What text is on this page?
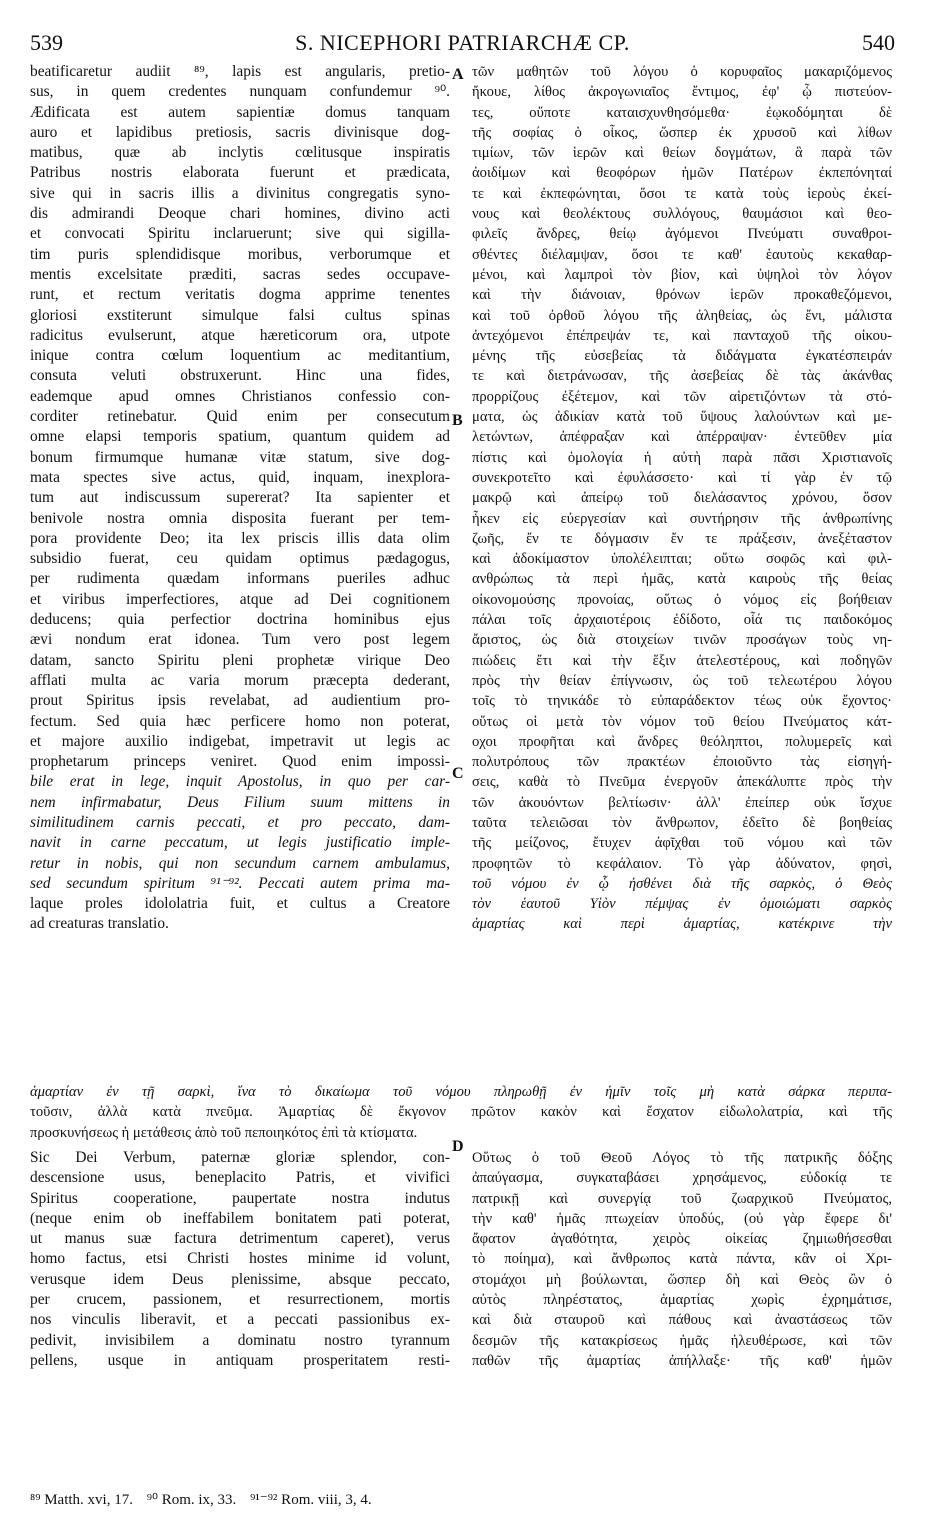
539	S. NICEPHORI PATRIARCHÆ CP.	540
beatificaretur audiit ⁸⁹, lapis est angularis, pretio-
sus, in quem credentes nunquam confundemur ⁹⁰.
Ædificata est autem sapientiæ domus tanquam
auro et lapidibus pretiosis, sacris divinisque dog-
matibus, quæ ab inclytis cœlitusque inspiratis
Patribus nostris elaborata fuerunt et prædicata,
sive qui in sacris illis a divinitus congregatis syno-
dis admirandi Deoque chari homines, divino acti
et convocati Spiritu inclaruerunt; sive qui sigilla-
tim puris splendidisque moribus, verborumque et
mentis excelsitate præditi, sacras sedes occupave-
runt, et rectum veritatis dogma apprime tenentes
gloriosi exstiterunt simulque falsi cultus spinas
radicitus evulserunt, atque hæreticorum ora, utpote
inique contra cœlum loquentium ac meditantium,
consuta veluti obstruxerunt. Hinc una fides,
eademque apud omnes Christianos confessio con-
corditer retinebatur. Quid enim per consecutum
omne elapsi temporis spatium, quantum quidem ad
bonum firmumque humanæ vitæ statum, sive dog-
mata spectes sive actus, quid, inquam, inexplora-
tum aut indiscussum supererat? Ita sapienter et
benivole nostra omnia disposita fuerant per tem-
pora providente Deo; ita lex priscis illis data olim
subsidio fuerat, ceu quidam optimus pædagogus,
per rudimenta quædam informans pueriles adhuc
et viribus imperfectiores, atque ad Dei cognitionem
deducens; quia perfectior doctrina hominibus ejus
ævi nondum erat idonea. Tum vero post legem
datam, sancto Spiritu pleni prophetæ virique Deo
afflati multa ac varia morum præcepta dederant,
prout Spiritus ipsis revelabat, ad audientium pro-
fectum. Sed quia hæc perficere homo non poterat,
et majore auxilio indigebat, impetravit ut legis ac
prophetarum princeps veniret. Quod enim impossi-
bile erat in lege, inquit Apostolus, in quo per car-
nem infirmabatur, Deus Filium suum mittens in
similitudinem carnis peccati, et pro peccato, dam-
navit in carne peccatum, ut legis justificatio imple-
retur in nobis, qui non secundum carnem ambulamus,
sed secundum spiritum ⁹¹⁻⁹². Peccati autem prima ma-
laque proles idololatria fuit, et cultus a Creatore
ad creaturas translatio.
τῶν μαθητῶν τοῦ λόγου ὁ κορυφαῖος μακαριζόμενος
ἤκουε, λίθος ἀκρογωνιαῖος ἔντιμος, ἐφ' ᾧ πιστεύον-
τες, οὔποτε καταισχυνθησόμεθα· ἐῳκοδόμηται δὲ
τῆς σοφίας ὁ οἶκος, ὥσπερ ἐκ χρυσοῦ καὶ λίθων
τιμίων, τῶν ἱερῶν καὶ θείων δογμάτων, ἃ παρὰ τῶν
ἀοιδίμων καὶ θεοφόρων ἡμῶν Πατέρων ἐκπεπόνηταί
τε καὶ ἐκπεφώνηται, ὅσοι τε κατὰ τοὺς ἱεροὺς ἐκεί-
νους καὶ θεολέκτους συλλόγους, θαυμάσιοι καὶ θεο-
φιλεῖς ἄνδρες, θείῳ ἀγόμενοι Πνεύματι συναθροι-
σθέντες διέλαμψαν, ὅσοι τε καθ' ἑαυτοὺς κεκαθαρ-
μένοι, καὶ λαμπροὶ τὸν βίον, καὶ ὑψηλοὶ τὸν λόγον
καὶ τὴν διάνοιαν, θρόνων ἱερῶν προκαθεζόμενοι,
καὶ τοῦ ὀρθοῦ λόγου τῆς ἀληθείας, ὡς ἔνι, μάλιστα
ἀντεχόμενοι ἐπέπρεψάν τε, καὶ πανταχοῦ τῆς οἰκου-
μένης τῆς εὐσεβείας τὰ διδάγματα ἐγκατέσπειράν
τε καὶ διετράνωσαν, τῆς ἀσεβείας δὲ τὰς ἀκάνθας
προρρίζους ἐξέτεμον, καὶ τῶν αἱρετιζόντων τὰ στό-
ματα, ὡς ἀδικίαν κατὰ τοῦ ὕψους λαλούντων καὶ με-
λετώντων, ἀπέφραξαν καὶ ἀπέρραψαν· ἐντεῦθεν μία
πίστις καὶ ὁμολογία ἡ αὐτὴ παρὰ πᾶσι Χριστιανοῖς
συνεκροτεῖτο καὶ ἐφυλάσσετο· καὶ τί γὰρ ἐν τῷ
μακρῷ καὶ ἀπείρῳ τοῦ διελάσαντος χρόνου, ὅσον
ἧκεν εἰς εὐεργεσίαν καὶ συντήρησιν τῆς ἀνθρωπίνης
ζωῆς, ἔν τε δόγμασιν ἔν τε πράξεσιν, ἀνεξέταστον
καὶ ἀδοκίμαστον ὑπολέλειπται; οὕτω σοφῶς καὶ φιλ-
ανθρώπως τὰ περὶ ἡμᾶς, κατὰ καιροὺς τῆς θείας
οἰκονομούσης προνοίας, οὕτως ὁ νόμος εἰς βοήθειαν
πάλαι τοῖς ἀρχαιοτέροις ἐδίδοτο, οἷά τις παιδοκόμος
ἄριστος, ὡς διὰ στοιχείων τινῶν προσάγων τοὺς νη-
πιώδεις ἔτι καὶ τὴν ἕξιν ἀτελεστέρους, καὶ ποδηγῶν
πρὸς τὴν θείαν ἐπίγνωσιν, ὡς τοῦ τελεωτέρου λόγου
τοῖς τὸ τηνικάδε τὸ εὐπαράδεκτον τέως οὐκ ἔχοντος·
οὕτως οἱ μετὰ τὸν νόμον τοῦ θείου Πνεύματος κάτ-
οχοι προφῆται καὶ ἄνδρες θεόληπτοι, πολυμερεῖς καὶ
πολυτρόπους τῶν πρακτέων ἐποιοῦντο τὰς εἰσηγή-
σεις, καθὰ τὸ Πνεῦμα ἐνεργοῦν ἀπεκάλυπτε πρὸς τὴν
τῶν ἀκουόντων βελτίωσιν· ἀλλ' ἐπείπερ οὐκ ἴσχυε
ταῦτα τελειῶσαι τὸν ἄνθρωπον, ἐδεῖτο δὲ βοηθείας
τῆς μείζονος, ἔτυχεν ἀφῖχθαι τοῦ νόμου καὶ τῶν
προφητῶν τὸ κεφάλαιον. Τὸ γὰρ ἀδύνατον, φησὶ,
τοῦ νόμου ἐν ᾧ ἠσθένει διὰ τῆς σαρκὸς, ὁ Θεὸς
τὸν ἑαυτοῦ Υἱὸν πέμψας ἐν ὁμοιώματι σαρκὸς
ἁμαρτίας καὶ περὶ ἁμαρτίας, κατέκρινε τὴν
A
B
C
D
ἁμαρτίαν ἐν τῇ σαρκὶ, ἵνα τὸ δικαίωμα τοῦ νόμου πληρωθῇ ἐν ἡμῖν τοῖς μὴ κατὰ σάρκα περιπα-
τοῦσιν, ἀλλὰ κατὰ πνεῦμα. Ἁμαρτίας δὲ ἔκγονον πρῶτον κακὸν καὶ ἔσχατον εἰδωλολατρία, καὶ τῆς
προσκυνήσεως ἡ μετάθεσις ἀπὸ τοῦ πεποιηκότος ἐπὶ τὰ κτίσματα.
Sic Dei Verbum, paternæ gloriæ splendor, con-
descensione usus, beneplacito Patris, et vivifici
Spiritus cooperatione, paupertate nostra indutus
(neque enim ob ineffabilem bonitatem pati poterat,
ut manus suæ factura detrimentum caperet), verus
homo factus, etsi Christi hostes minime id volunt,
verusque idem Deus plenissime, absque peccato,
per crucem, passionem, et resurrectionem, mortis
nos vinculis liberavit, et a peccati passionibus ex-
pedivit, invisibilem a dominatu nostro tyrannum
pellens, usque in antiquam prosperitatem resti-
Οὕτως ὁ τοῦ Θεοῦ Λόγος τὸ τῆς πατρικῆς δόξης
ἀπαύγασμα, συγκαταβάσει χρησάμενος, εὐδοκίᾳ τε
πατρικῇ καὶ συνεργίᾳ τοῦ ζωαρχικοῦ Πνεύματος,
τὴν καθ' ἡμᾶς πτωχείαν ὑποδύς, (οὐ γὰρ ἔφερε δι'
ἄφατον ἀγαθότητα, χειρὸς οἰκείας ζημιωθήσεσθαι
τὸ ποίημα), καὶ ἄνθρωπος κατὰ πάντα, κἂν οἱ Χρι-
στομάχοι μὴ βούλωνται, ὥσπερ δὴ καὶ Θεὸς ὢν ὁ
αὐτὸς πληρέστατος, ἁμαρτίας χωρὶς ἐχρημάτισε,
καὶ διὰ σταυροῦ καὶ πάθους καὶ ἀναστάσεως τῶν
δεσμῶν τῆς κατακρίσεως ἡμᾶς ἠλευθέρωσε, καὶ τῶν
παθῶν τῆς ἁμαρτίας ἀπήλλαξε· τῆς καθ' ἡμῶν
⁸⁹ Matth. xvi, 17. ⁹⁰ Rom. ix, 33. ⁹¹⁻⁹² Rom. viii, 3, 4.
